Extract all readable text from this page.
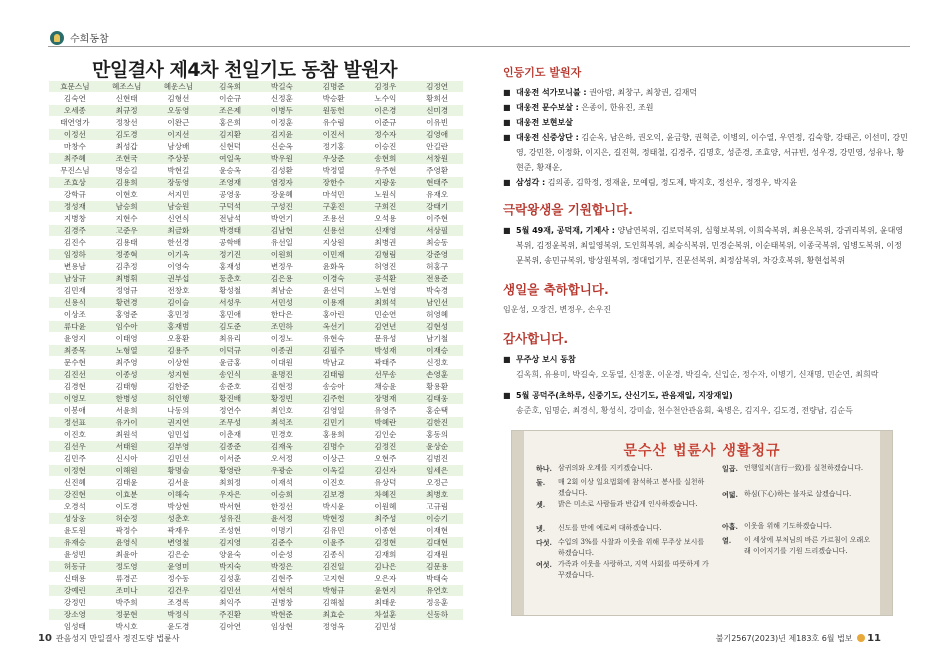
수희동참
만일결사 제4차 천일기도 동참 발원자
효문스님	혜조스님	혜운스님	김옥희	박길숙	김명준	김정우	김정연
김숙연	신현태	김형선	이순규	신정훈	박승환	노수익	황희선
오세종	최규정	오동영	조은제	이병두	원동헌	이은경	신미경
태연영가	정창선	이완근	홍은희	이정훈	유수림	이준규	이유빈
이정선	김도경	이지선	김지환	김지윤	이진서	정수자	김영애
마창수	최성갑	남상배	신현덕	신순옥	정기홍	이승진	안길란
최주혜	조현국	주상봉	여일옥	박우원	우상준	송현희	서창원
무진스님	명승길	박현길	윤승옥	김성환	박정열	우주현	주영환
조효상	김용희	장동영	조영재	염정자	장한수	지광웅	현태주
강학규	이현호	서지민	공영웅	장윤혜	마석민	노원식	유재오
정성재	남승희	남승원	구덕석	구성진	구훈진	구희진	강태기
지병창	지현수	신연식	전남석	박연기	조용선	오석용	이주현
김경주	고준우	최금화	박경태	김남현	신용선	신재영	서상필
김진수	김용태	한선경	공학배	유선일	지상원	최병권	최승동
임정하	정종혁	이기옥	정기진	이원희	이민재	김형림	강준영
변용남	김추정	이영숙	홍재성	변정우	윤화옥	허영진	허홍구
남상규	최병휘	권부섭	동춘호	김은용	이경숙	공석환	전용준
김민재	정영규	전창호	황성철	최남순	윤선덕	노현영	박숙경
신용식	황련경	김이슬	서성우	서민성	이용재	최희석	남인선
이상조	홍영준	홍민정	홍민애	한다은	홍아린	민순연	허영혜
류다윤	임수아	홍재범	김도준	조민하	옥선기	김연년	김현성
윤영지	이태영	오흥환	최유리	이정노	유현숙	문유성	남기철
최종목	노형열	김용주	이덕규	이종권	김필주	박성재	이재승
문수현	최주영	이상현	윤금홍	이대원	박남교	곽태주	신정호
김진선	이종성	성지현	송인식	윤명진	김태림	선무송	손영훈
김경현	김태형	김한준	송준호	김현정	송승아	채승윤	황용환
이영모	한병성	허인행	황진배	황정빈	김주헌	장명재	김태웅
이봉애	서윤희	나동의	정연수	최인호	김영일	유영주	홍순택
정선표	유가이	권지연	조무성	최석조	김민기	박혜란	김한진
이진호	최원석	임민섭	이춘재	민경호	홍용희	김인순	홍동의
김선우	서태원	김부영	김종준	김재욱	김명수	김정진	윤상순
김민주	신시아	김민선	이서준	오서정	이상근	오현주	김범진
이정현	이해원	황명술	황영란	우광순	이옥길	김신자	임세은
신진혜	김태윤	김서윤	최희정	이재석	이진호	유상덕	오정근
강진현	이효분	이해숙	우자은	이승희	김보경	차혜진	최병호
오경석	이도경	박상현	박서현	한정선	박시윤	이원혜	고규림
성상웅	허순정	성춘호	성유진	윤서정	박현정	최주성	이승기
윤도원	곽정수	곽재우	조성현	이명기	김유민	이종현	이재현
유재승	윤영식	변영철	김지영	김준수	이윤주	김정현	김대현
윤성빈	최윤아	김은순	양윤숙	이순성	김종식	김재희	김재원
허동규	정도영	윤영미	박지숙	박정은	김진일	김나은	김문용
신태용	류경곤	정수동	김성훈	김현주	고지현	오은자	박태숙
강예린	조미나	김건우	김민선	서현석	박형규	윤현지	유연호
강정민	박주희	조경록	최익주	권병창	김해철	최태운	정응훈
장소영	정문현	박정식	주진환	박현준	최효순	차설훈	신동하
임성태	박시호	윤도경	김아연	임상현	정영옥	김민성	
인등기도 발원자
■ 대웅전 석가모니불 : 권아람, 최창구, 최창권, 김재덕
■ 대웅전 문수보살 : 은종이, 한유진, 조원
■ 대웅전 보현보살
■ 대웅전 신중상단 : 김순옥, 남은하, 권오익, 윤금향, 권혁준, 이병의, 이수열, 우연정, 김숙향, 강태곤, 이선미, 강민영, 강민찬, 이정화, 이지은, 길진혁, 정태철, 김경주, 김명호, 성준경, 조효양, 서규빈, 성우경, 강민영, 성유나, 황현준, 황재운,
■ 삼성각 : 김의종, 김학정, 정재윤, 모예림, 정도제, 박지호, 정선우, 정정우, 박지윤
극락왕생을 기원합니다.
■ 5월 49재, 공덕재, 기제사 : 양남연복위, 김로덕복위, 심형보복위, 이희숙복위, 최용은복위, 강귀리복위, 윤대영복위, 김정윤복위, 최일영복위, 도인희복위, 최승식복위, 민경순복위, 이순태복위, 이종국복위, 임병도복위, 이정문복위, 송민규복위, 방상원복위, 정대업기부, 진문선복위, 최정삼복위, 차강호복위, 황현섭복위
생일을 축하합니다.
임운성, 오장건, 변정우, 손우진
감사합니다.
■ 무주상 보시 동참
김옥희, 유용미, 박길숙, 오동열, 신정훈, 이운경, 박길숙, 신입순, 정수자, 이병기, 신재명, 민순연, 최희락
■ 5월 공덕주(초하루, 신중기도, 산신기도, 관음재일, 지장재일)
송준호, 임명순, 최경식, 황성식, 강미솔, 천수천안관음회, 육병은, 김지우, 김도경, 전량남, 김순득
문수산 법륜사 생활청규
하나. 삼귀의와 오계를 지키겠습니다.
둘.	매 2회 이상 일요법회에 참석하고 봉사를 실천하겠습니다.
셋.	밝은 미소로 사람들과 반갑게 인사하겠습니다.
넷.	신도를 만에 예로써 대하겠습니다.
다섯. 수입의 3%를 사찰과 이웃을 위해 무주상 보시를 하겠습니다.
여섯. 가족과 이웃을 사랑하고, 지역 사회를 따뜻하게 가꾸겠습니다.
일곱. 언행일치(言行一致)를 실천하겠습니다.
여덟. 하심(下心)하는 불자로 살겠습니다.
아홉. 이웃을 위해 기도하겠습니다.
열.	이 세상에 부처님의 바른 가르침이 오래오래 이어지기를 기원 드리겠습니다.
10 관음성지 만일결사 정진도량 법륜사	불기2567(2023)년 제183호 6월 법보 11
